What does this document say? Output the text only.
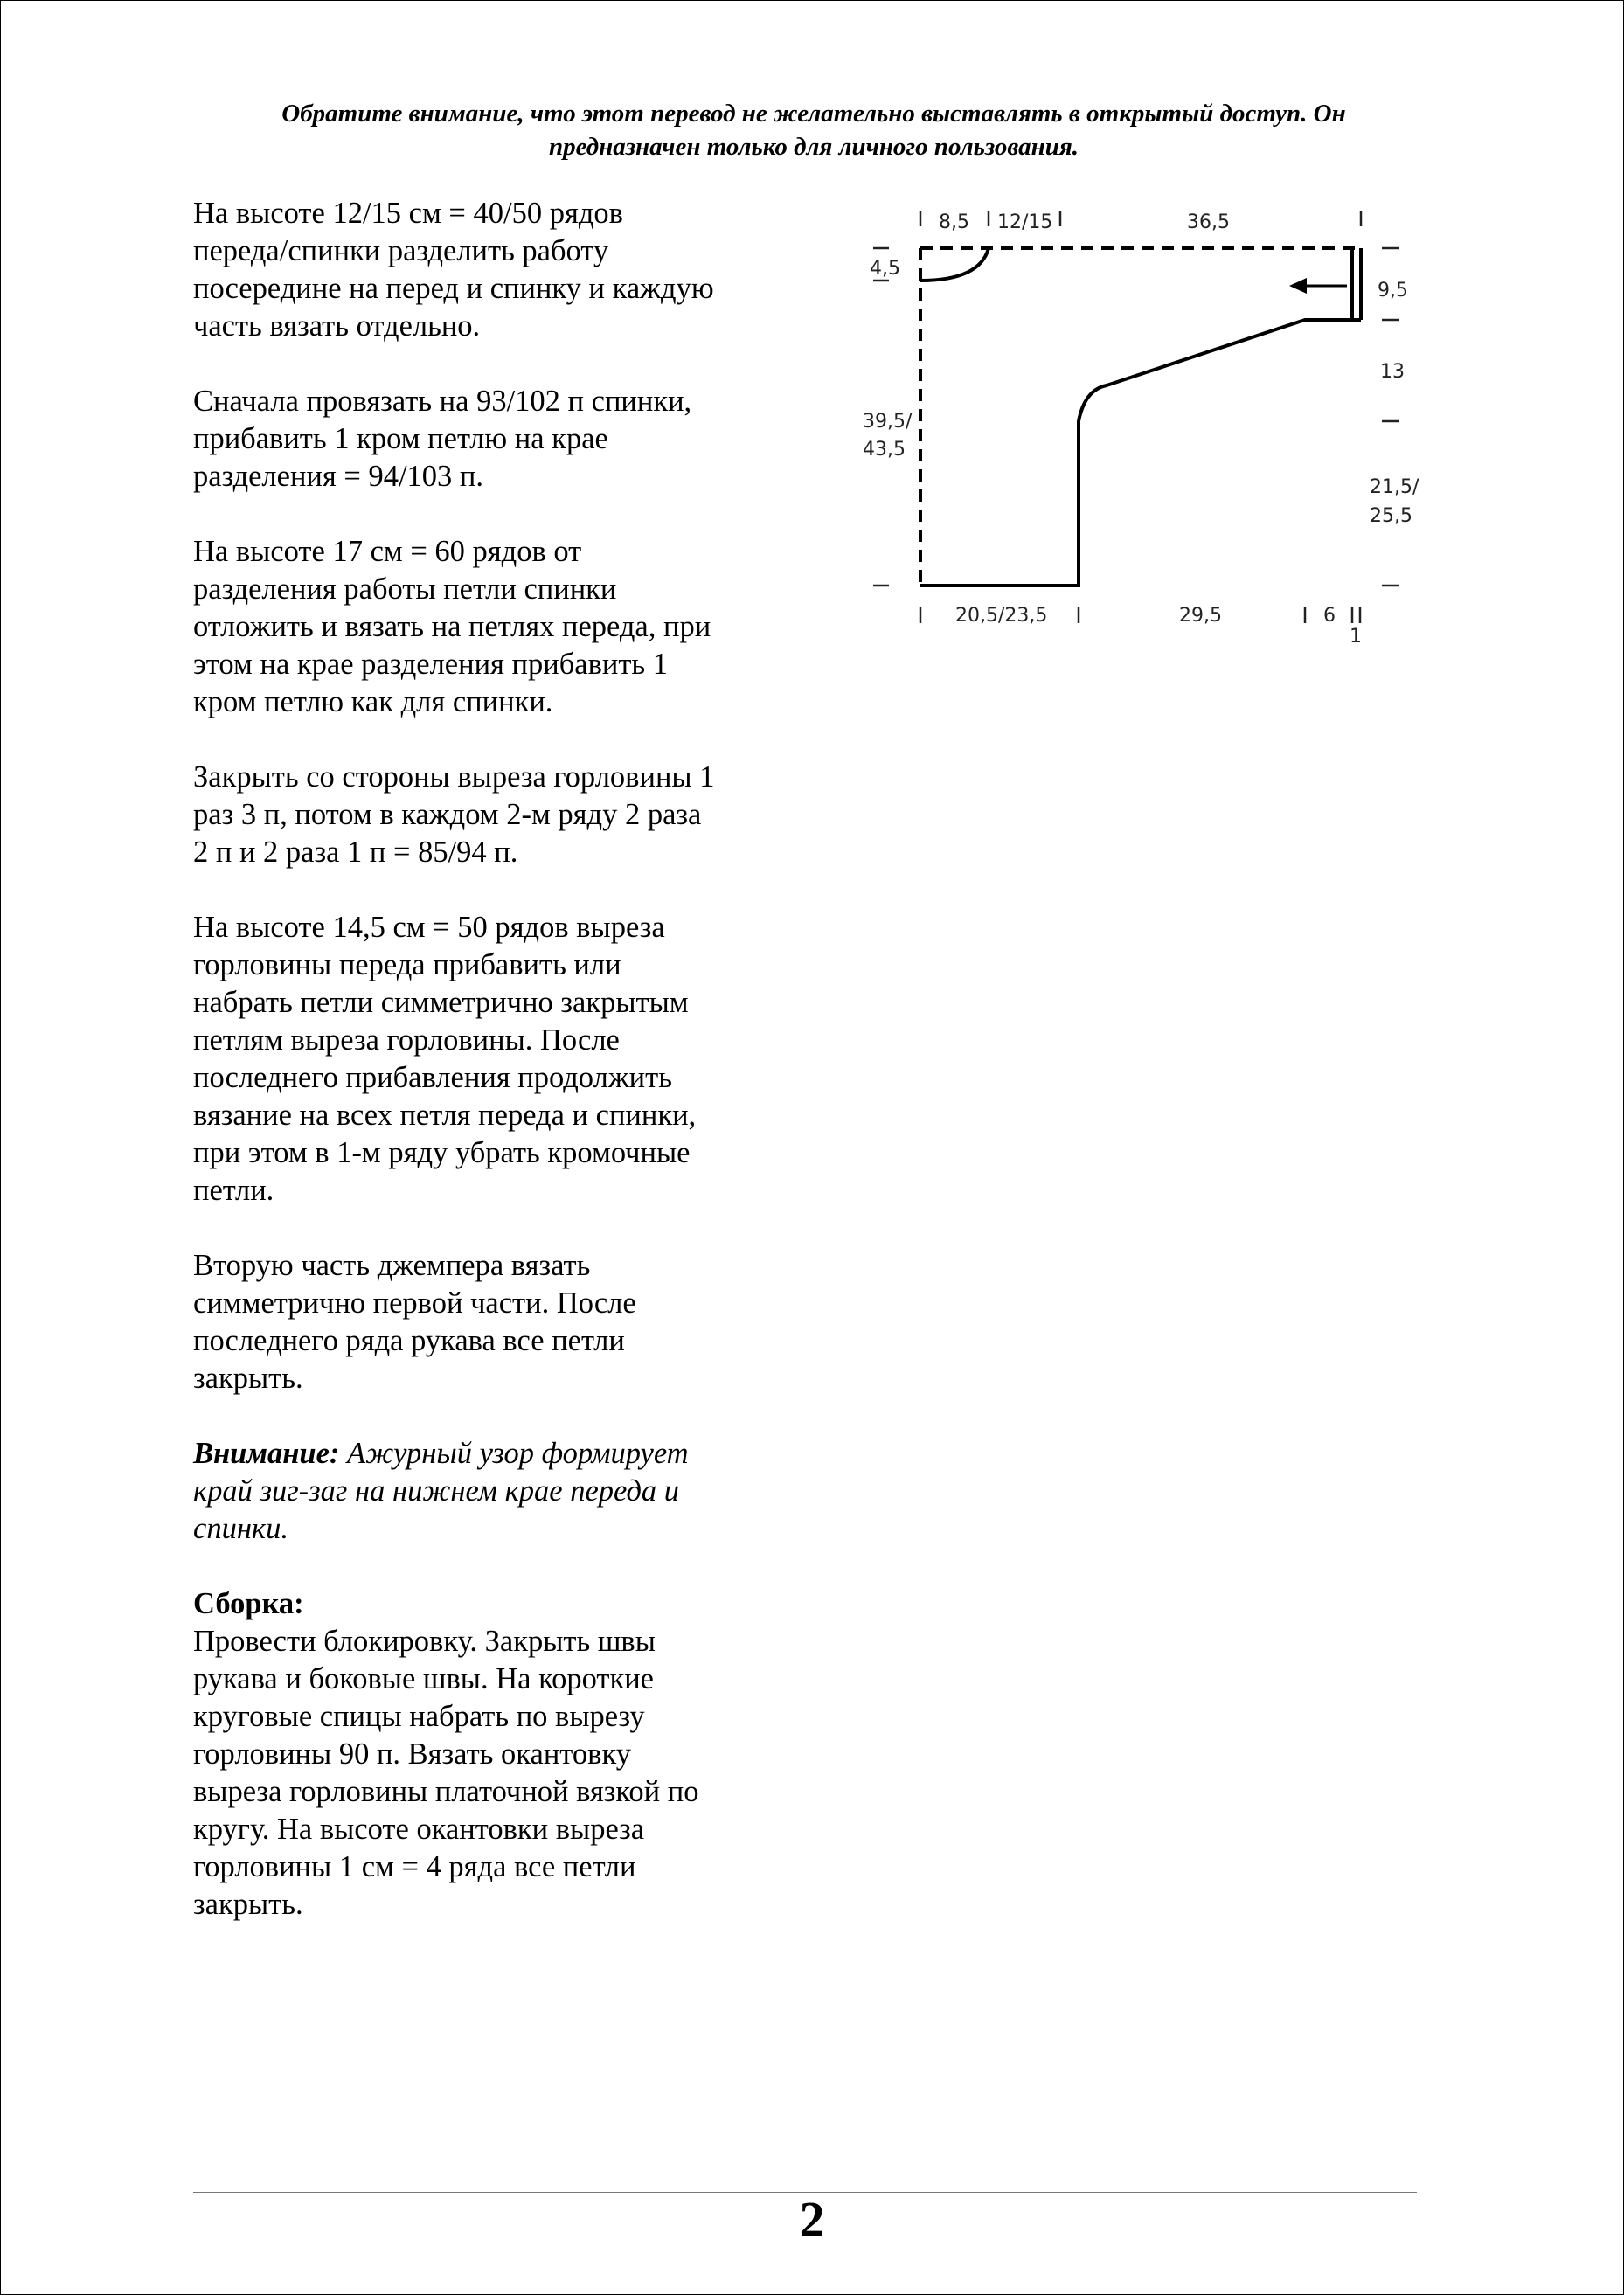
Обратите внимание, что этот перевод не желательно выставлять в открытый доступ. Он
предназначен только для личного пользования.
На высоте 12/15 см = 40/50 рядов
переда/спинки разделить работу
посередине на перед и спинку и каждую
часть вязать отдельно.
Сначала провязать на 93/102 п спинки,
прибавить 1 кром петлю на крае
разделения = 94/103 п.
На высоте 17 см = 60 рядов от
разделения работы петли спинки
отложить и вязать на петлях переда, при
этом на крае разделения прибавить 1
кром петлю как для спинки.
Закрыть со стороны выреза горловины 1
раз 3 п, потом в каждом 2-м ряду 2 раза
2 п и 2 раза 1 п = 85/94 п.
На высоте 14,5 см = 50 рядов выреза
горловины переда прибавить или
набрать петли симметрично закрытым
петлям выреза горловины. После
последнего прибавления продолжить
вязание на всех петля переда и спинки,
при этом в 1-м ряду убрать кромочные
петли.
Вторую часть джемпера вязать
симметрично первой части. После
последнего ряда рукава все петли
закрыть.
Внимание: Ажурный узор формирует
край зиг-заг на нижнем крае переда и
спинки.
Сборка:
Провести блокировку. Закрыть швы
рукава и боковые швы. На короткие
круговые спицы набрать по вырезу
горловины 90 п. Вязать окантовку
выреза горловины платочной вязкой по
кругу. На высоте окантовки выреза
горловины 1 см = 4 ряда все петли
закрыть.
8,5 12/15	36,5
4,5
39,5/
43,5
9,5
13
21,5/
25,5
20,5/23,5	29,5	6
1
2
